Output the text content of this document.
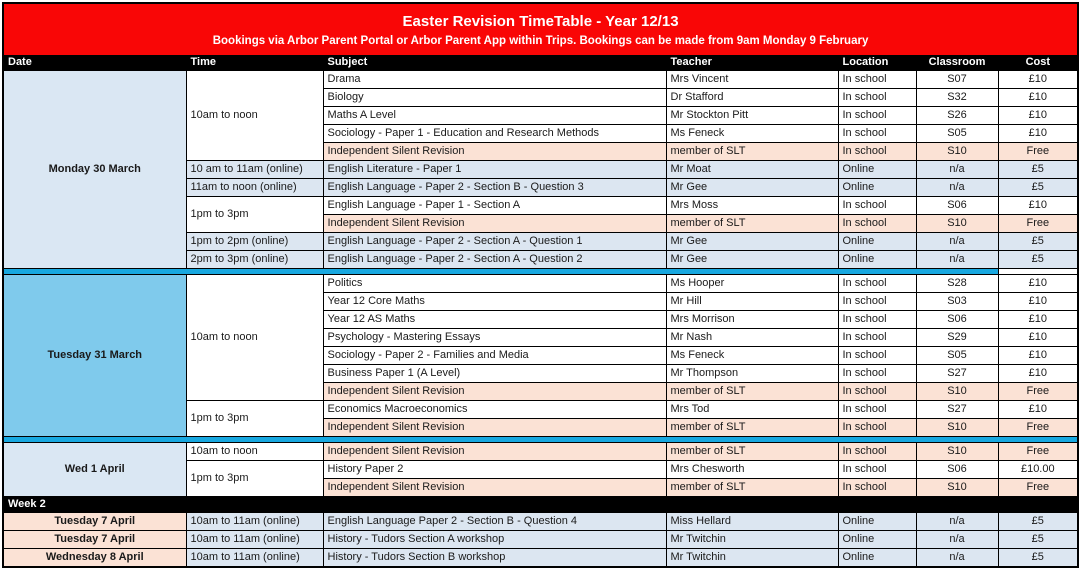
Easter Revision TimeTable - Year 12/13
Bookings via Arbor Parent Portal or Arbor Parent App within Trips. Bookings can be made from 9am Monday 9 February						

Date	Time	Subject	Teacher	Location	Classroom	Cost
Monday 30 March	10am to noon	Drama	Mrs Vincent	In school	S07	£10
		Biology	Dr Stafford	In school	S32	£10
		Maths A Level	Mr Stockton Pitt	In school	S26	£10
		Sociology - Paper 1 - Education and Research Methods	Ms Feneck	In school	S05	£10
		Independent Silent Revision	member of SLT	In school	S10	Free
	10 am to 11am (online)	English Literature - Paper 1	Mr Moat	Online	n/a	£5
	11am to noon (online)	English Language - Paper 2 - Section B - Question 3	Mr Gee	Online	n/a	£5
	1pm to 3pm	English Language - Paper 1 - Section A	Mrs Moss	In school	S06	£10
		Independent Silent Revision	member of SLT	In school	S10	Free
	1pm to 2pm (online)	English Language - Paper 2 - Section A - Question 1	Mr Gee	Online	n/a	£5
	2pm to 3pm (online)	English Language - Paper 2 - Section A - Question 2	Mr Gee	Online	n/a	£5

Tuesday 31 March	10am to noon	Politics	Ms Hooper	In school	S28	£10
		Year 12 Core Maths	Mr Hill	In school	S03	£10
		Year 12 AS Maths	Mrs Morrison	In school	S06	£10
		Psychology - Mastering Essays	Mr Nash	In school	S29	£10
		Sociology - Paper 2 - Families and Media	Ms Feneck	In school	S05	£10
		Business Paper 1 (A Level)	Mr Thompson	In school	S27	£10
		Independent Silent Revision	member of SLT	In school	S10	Free
	1pm to 3pm	Economics Macroeconomics	Mrs Tod	In school	S27	£10
		Independent Silent Revision	member of SLT	In school	S10	Free

Wed 1 April	10am to noon	Independent Silent Revision	member of SLT	In school	S10	Free
	1pm to 3pm	History Paper 2	Mrs Chesworth	In school	S06	£10.00
		Independent Silent Revision	member of SLT	In school	S10	Free
Week 2						
Tuesday 7 April	10am to 11am (online)	English Language Paper 2 - Section B - Question 4	Miss Hellard	Online	n/a	£5
Tuesday 7 April	10am to 11am (online)	History - Tudors Section A workshop	Mr Twitchin	Online	n/a	£5
Wednesday 8 April	10am to 11am (online)	History - Tudors Section B workshop	Mr Twitchin	Online	n/a	£5
